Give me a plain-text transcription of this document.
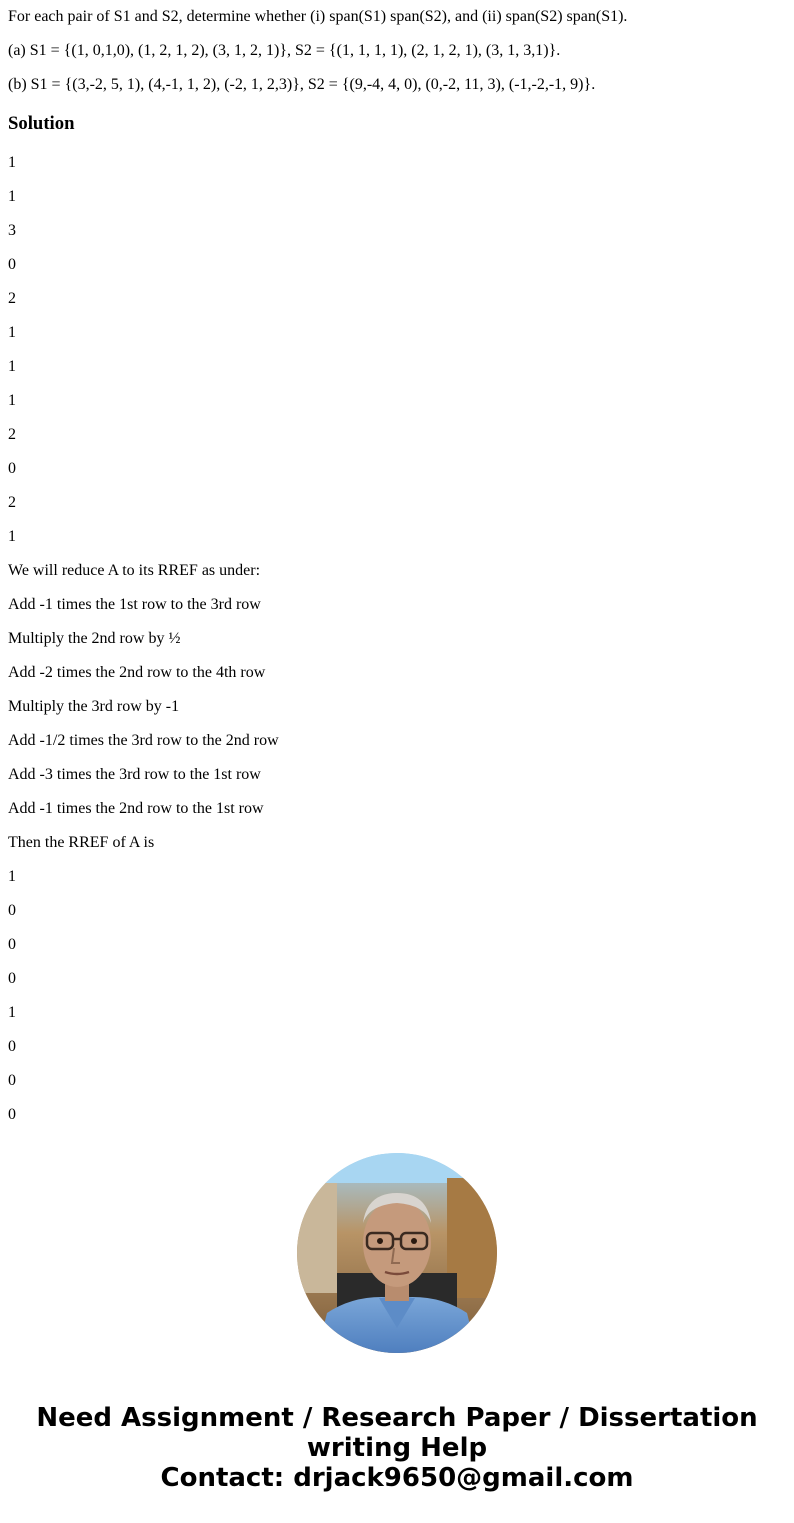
For each pair of S1 and S2, determine whether (i) span(S1) span(S2), and (ii) span(S2) span(S1).

(a) S1 = {(1, 0,1,0), (1, 2, 1, 2), (3, 1, 2, 1)}, S2 = {(1, 1, 1, 1), (2, 1, 2, 1), (3, 1, 3,1)}.

(b) S1 = {(3,-2, 5, 1), (4,-1, 1, 2), (-2, 1, 2,3)}, S2 = {(9,-4, 4, 0), (0,-2, 11, 3), (-1,-2,-1, 9)}.

Solution

1

1

3

0

2

1

1

1

2

0

2

1

We will reduce A to its RREF as under:

Add -1 times the 1st row to the 3rd row

Multiply the 2nd row by ½

Add -2 times the 2nd row to the 4th row

Multiply the 3rd row by -1

Add -1/2 times the 3rd row to the 2nd row

Add -3 times the 3rd row to the 1st row

Add -1 times the 2nd row to the 1st row

Then the RREF of A is

1

0

0

0

1

0

0

0

Need Assignment / Research Paper / Dissertation
writing Help
Contact: drjack9650@gmail.com
